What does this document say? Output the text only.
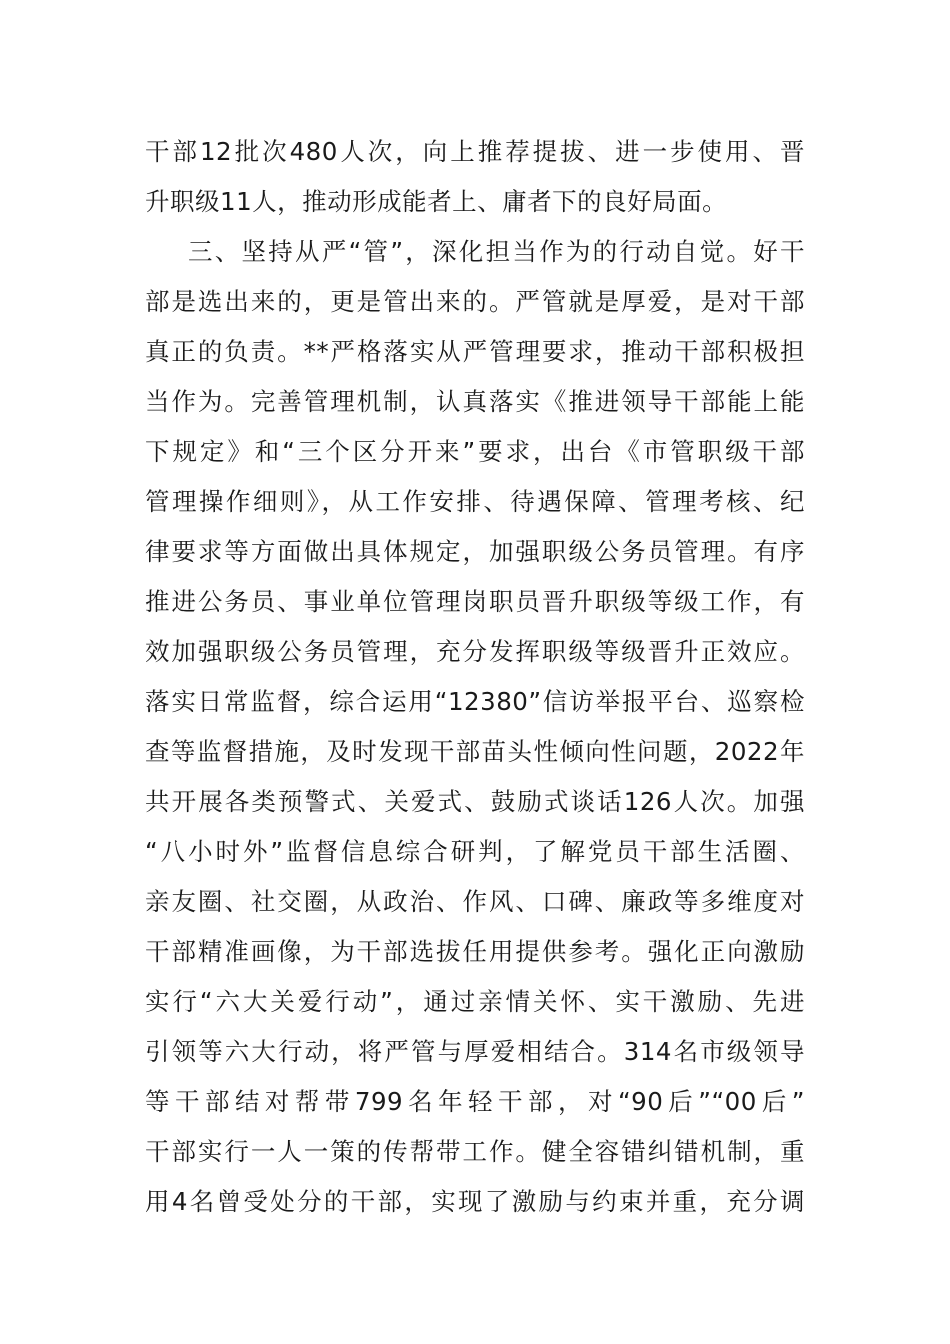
干部12批次480人次，向上推荐提拔、进一步使用、晋
升职级11人，推动形成能者上、庸者下的良好局面。
三、坚持从严“管”，深化担当作为的行动自觉。好干
部是选出来的，更是管出来的。严管就是厚爱，是对干部
真正的负责。**严格落实从严管理要求，推动干部积极担
当作为。完善管理机制，认真落实《推进领导干部能上能
下规定》和“三个区分开来”要求，出台《市管职级干部
管理操作细则》，从工作安排、待遇保障、管理考核、纪
律要求等方面做出具体规定，加强职级公务员管理。有序
推进公务员、事业单位管理岗职员晋升职级等级工作，有
效加强职级公务员管理，充分发挥职级等级晋升正效应。
落实日常监督，综合运用“12380”信访举报平台、巡察检
查等监督措施，及时发现干部苗头性倾向性问题，2022年
共开展各类预警式、关爱式、鼓励式谈话126人次。加强
“八小时外”监督信息综合研判，了解党员干部生活圈、
亲友圈、社交圈，从政治、作风、口碑、廉政等多维度对
干部精准画像，为干部选拔任用提供参考。强化正向激励
实行“六大关爱行动”，通过亲情关怀、实干激励、先进
引领等六大行动，将严管与厚爱相结合。314名市级领导
等干部结对帮带799名年轻干部，对“90后”“00后”
干部实行一人一策的传帮带工作。健全容错纠错机制，重
用4名曾受处分的干部，实现了激励与约束并重，充分调
